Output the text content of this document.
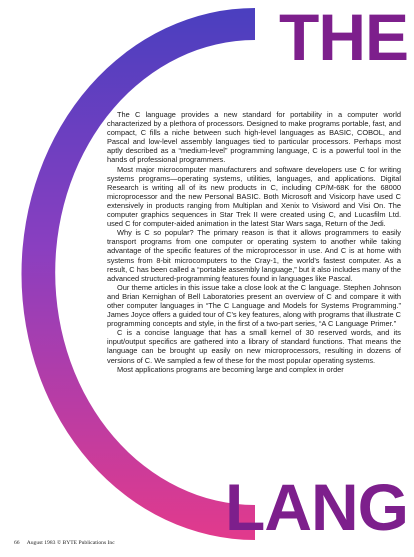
THE
LANG

The C language provides a new standard for portability in a computer world characterized by a plethora of processors. Designed to make programs portable, fast, and compact, C fills a niche between such high-level languages as BASIC, COBOL, and Pascal and low-level assembly languages tied to particular processors. Perhaps most aptly described as a “medium-level” programming language, C is a powerful tool in the hands of professional programmers.

Most major microcomputer manufacturers and software developers use C for writing systems programs—operating systems, utilities, languages, and applications. Digital Research is writing all of its new products in C, including CP/M-68K for the 68000 microprocessor and the new Personal BASIC. Both Microsoft and Visicorp have used C extensively in products ranging from Multiplan and Xenix to Visiword and Visi On. The computer graphics sequences in Star Trek II were created using C, and Lucasfilm Ltd. used C for computer-aided animation in the latest Star Wars saga, Return of the Jedi.

Why is C so popular? The primary reason is that it allows programmers to easily transport programs from one computer or operating system to another while taking advantage of the specific features of the microprocessor in use. And C is at home with systems from 8-bit microcomputers to the Cray-1, the world’s fastest computer. As a result, C has been called a “portable assembly language,” but it also includes many of the advanced structured-programming features found in languages like Pascal.

Our theme articles in this issue take a close look at the C language. Stephen Johnson and Brian Kernighan of Bell Laboratories present an overview of C and compare it with other computer languages in “The C Language and Models for Systems Programming.” James Joyce offers a guided tour of C’s key features, along with programs that illustrate C programming concepts and style, in the first of a two-part series, “A C Language Primer.”

C is a concise language that has a small kernel of 30 reserved words, and its input/output specifics are gathered into a library of standard functions. That means the language can be brought up easily on new microprocessors, resulting in dozens of versions of C. We sampled a few of these for the most popular operating systems.

Most applications programs are becoming large and complex in order

66 August 1983 © BYTE Publications Inc
